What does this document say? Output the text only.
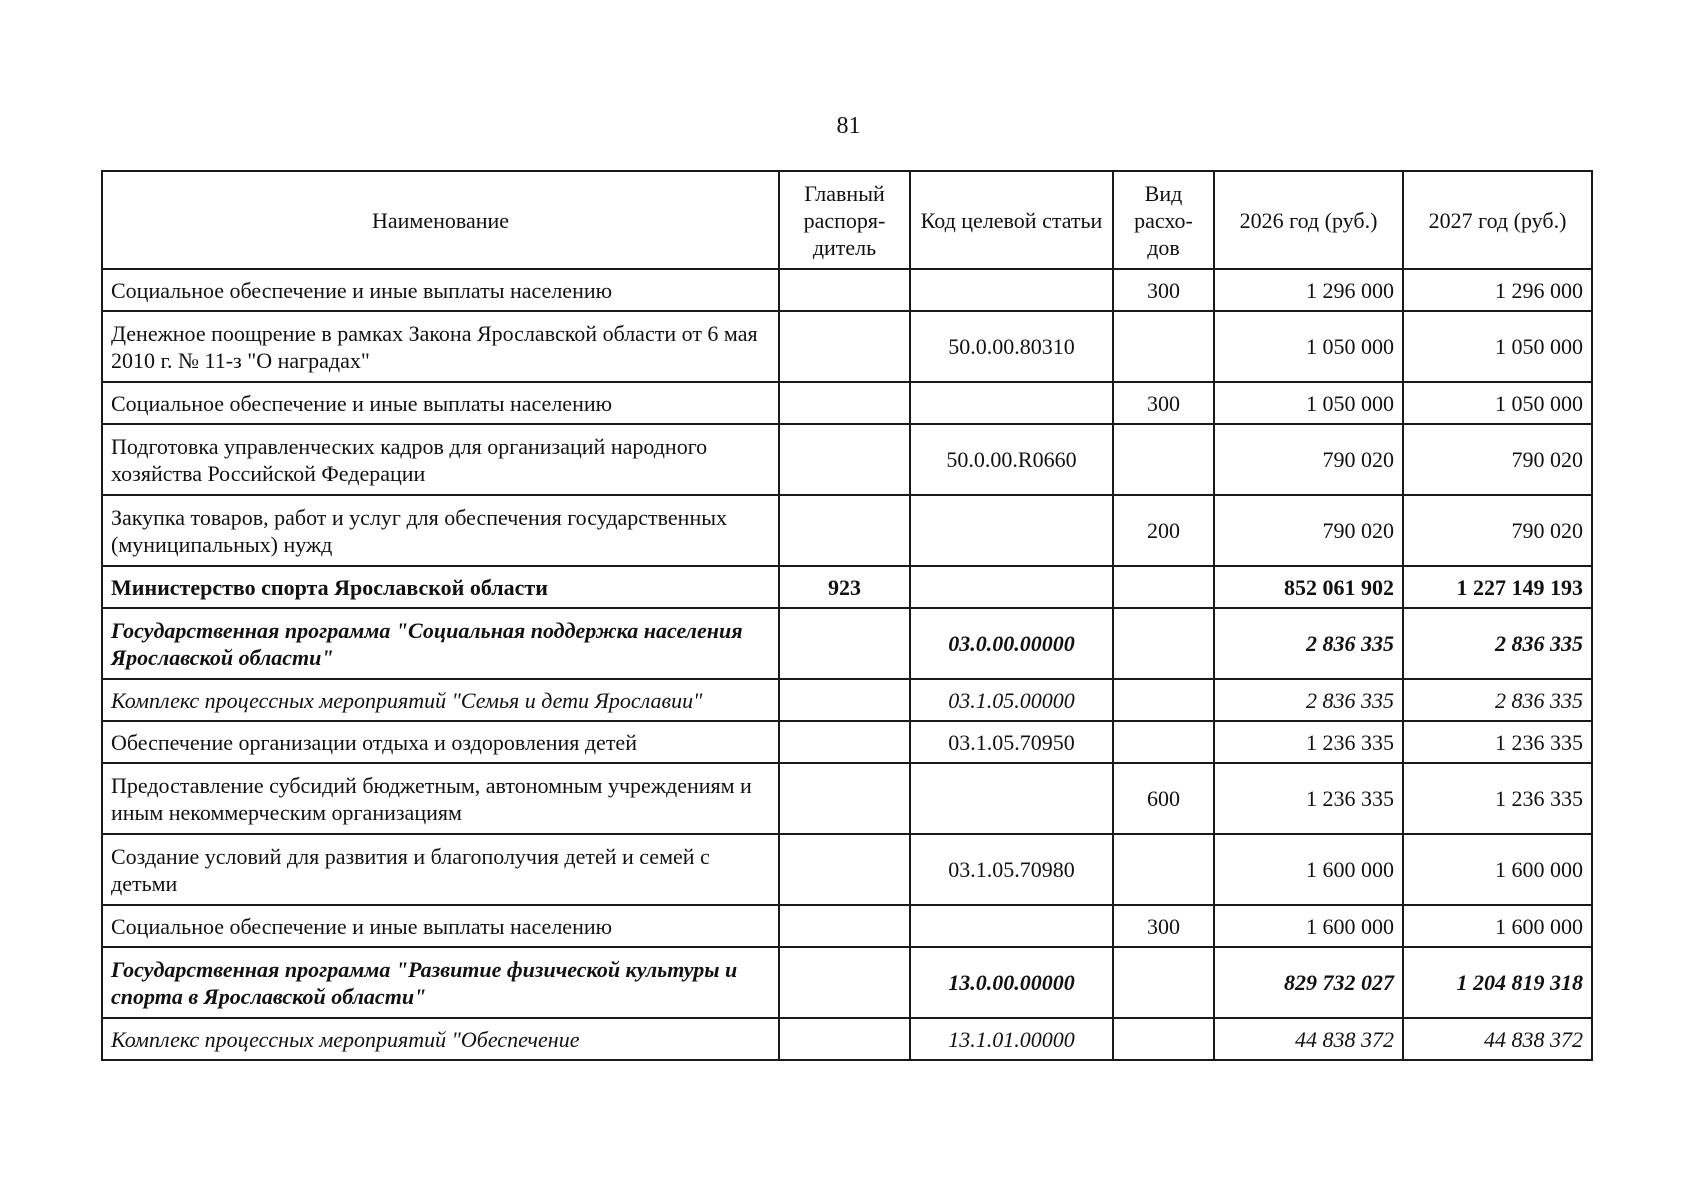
81
Наименование	Главный распоря-дитель	Код целевой статьи	Вид расхо-дов	2026 год (руб.)	2027 год (руб.)
Социальное обеспечение и иные выплаты населению			300	1 296 000	1 296 000
Денежное поощрение в рамках Закона Ярославской области от 6 мая 2010 г. № 11-з "О наградах"		50.0.00.80310		1 050 000	1 050 000
Социальное обеспечение и иные выплаты населению			300	1 050 000	1 050 000
Подготовка управленческих кадров для организаций народного хозяйства Российской Федерации		50.0.00.R0660		790 020	790 020
Закупка товаров, работ и услуг для обеспечения государственных (муниципальных) нужд			200	790 020	790 020
Министерство спорта Ярославской области	923			852 061 902	1 227 149 193
Государственная программа "Социальная поддержка населения Ярославской области"		03.0.00.00000		2 836 335	2 836 335
Комплекс процессных мероприятий "Семья и дети Ярославии"		03.1.05.00000		2 836 335	2 836 335
Обеспечение организации отдыха и оздоровления детей		03.1.05.70950		1 236 335	1 236 335
Предоставление субсидий бюджетным, автономным учреждениям и иным некоммерческим организациям			600	1 236 335	1 236 335
Создание условий для развития и благополучия детей и семей с детьми		03.1.05.70980		1 600 000	1 600 000
Социальное обеспечение и иные выплаты населению			300	1 600 000	1 600 000
Государственная программа "Развитие физической культуры и спорта в Ярославской области"		13.0.00.00000		829 732 027	1 204 819 318
Комплекс процессных мероприятий "Обеспечение		13.1.01.00000		44 838 372	44 838 372
